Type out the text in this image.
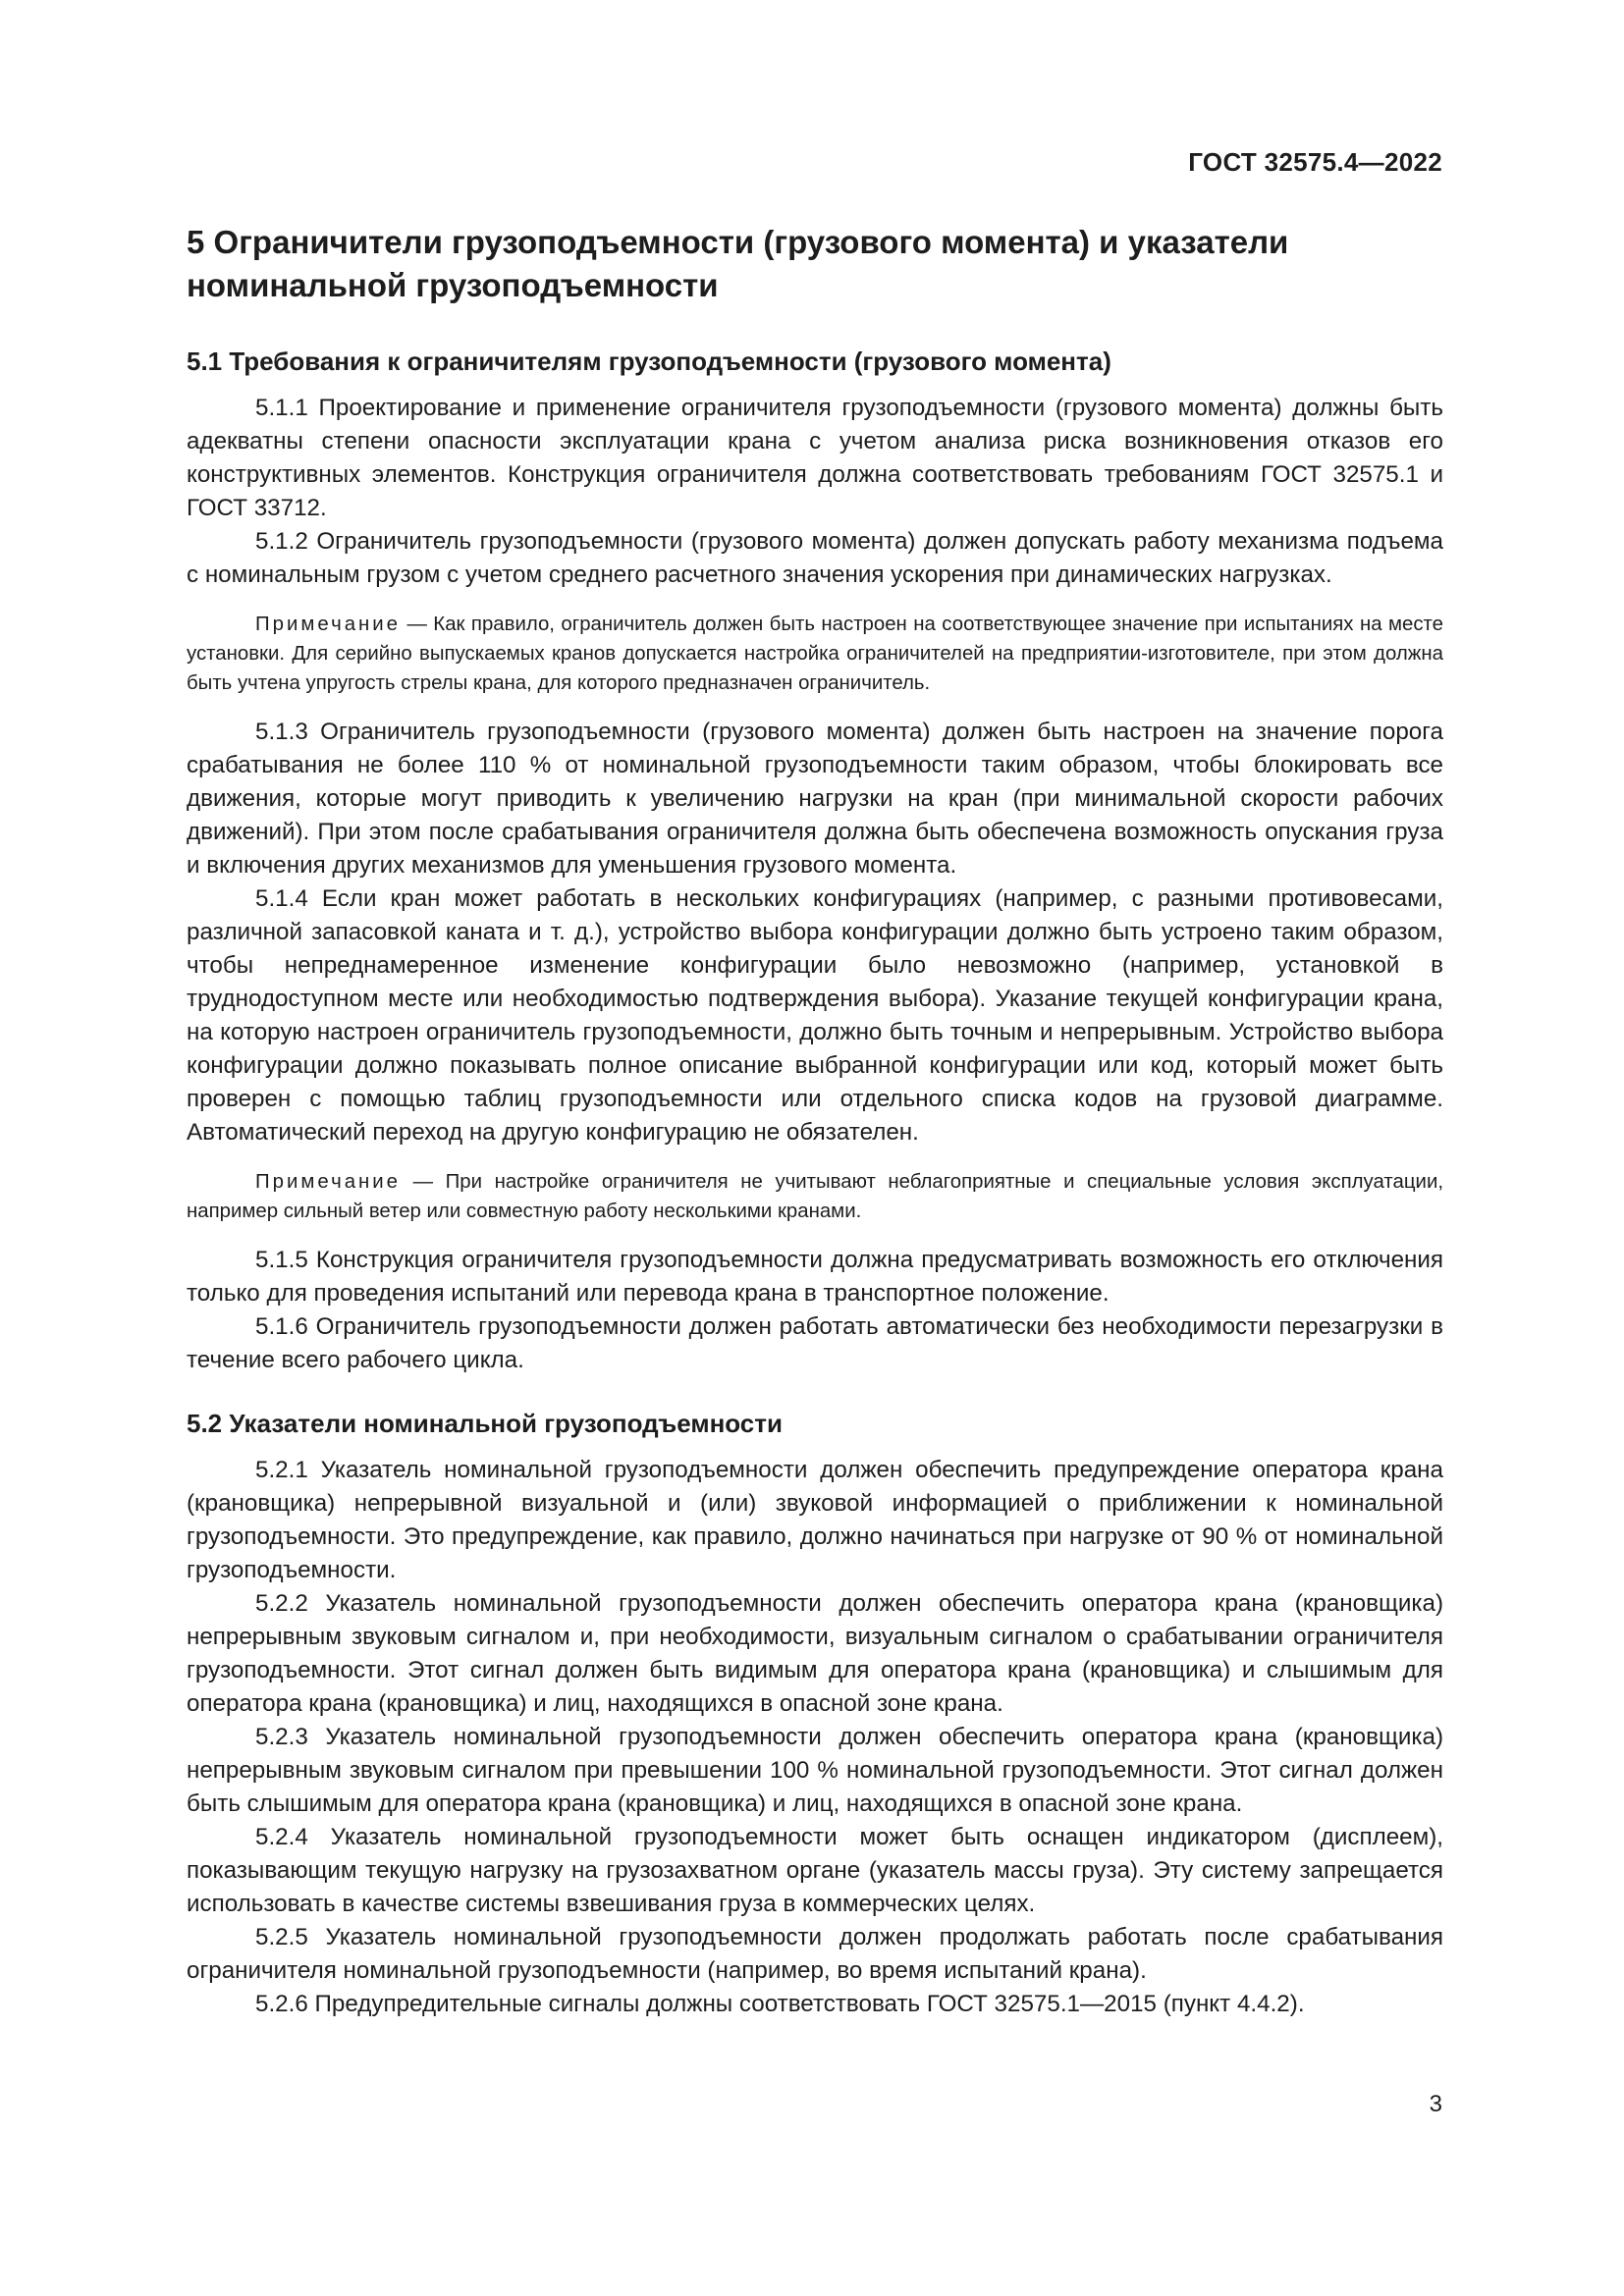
ГОСТ 32575.4—2022
5 Ограничители грузоподъемности (грузового момента) и указатели номинальной грузоподъемности
5.1 Требования к ограничителям грузоподъемности (грузового момента)

5.1.1 Проектирование и применение ограничителя грузоподъемности (грузового момента) должны быть адекватны степени опасности эксплуатации крана с учетом анализа риска возникновения отказов его конструктивных элементов. Конструкция ограничителя должна соответствовать требованиям ГОСТ 32575.1 и ГОСТ 33712.

5.1.2 Ограничитель грузоподъемности (грузового момента) должен допускать работу механизма подъема с номинальным грузом с учетом среднего расчетного значения ускорения при динамических нагрузках.

Примечание — Как правило, ограничитель должен быть настроен на соответствующее значение при испытаниях на месте установки. Для серийно выпускаемых кранов допускается настройка ограничителей на предприятии-изготовителе, при этом должна быть учтена упругость стрелы крана, для которого предназначен ограничитель.

5.1.3 Ограничитель грузоподъемности (грузового момента) должен быть настроен на значение порога срабатывания не более 110 % от номинальной грузоподъемности таким образом, чтобы блокировать все движения, которые могут приводить к увеличению нагрузки на кран (при минимальной скорости рабочих движений). При этом после срабатывания ограничителя должна быть обеспечена возможность опускания груза и включения других механизмов для уменьшения грузового момента.

5.1.4 Если кран может работать в нескольких конфигурациях (например, с разными противовесами, различной запасовкой каната и т. д.), устройство выбора конфигурации должно быть устроено таким образом, чтобы непреднамеренное изменение конфигурации было невозможно (например, установкой в труднодоступном месте или необходимостью подтверждения выбора). Указание текущей конфигурации крана, на которую настроен ограничитель грузоподъемности, должно быть точным и непрерывным. Устройство выбора конфигурации должно показывать полное описание выбранной конфигурации или код, который может быть проверен с помощью таблиц грузоподъемности или отдельного списка кодов на грузовой диаграмме. Автоматический переход на другую конфигурацию не обязателен.

Примечание — При настройке ограничителя не учитывают неблагоприятные и специальные условия эксплуатации, например сильный ветер или совместную работу несколькими кранами.

5.1.5 Конструкция ограничителя грузоподъемности должна предусматривать возможность его отключения только для проведения испытаний или перевода крана в транспортное положение.

5.1.6 Ограничитель грузоподъемности должен работать автоматически без необходимости перезагрузки в течение всего рабочего цикла.

5.2 Указатели номинальной грузоподъемности

5.2.1 Указатель номинальной грузоподъемности должен обеспечить предупреждение оператора крана (крановщика) непрерывной визуальной и (или) звуковой информацией о приближении к номинальной грузоподъемности. Это предупреждение, как правило, должно начинаться при нагрузке от 90 % от номинальной грузоподъемности.

5.2.2 Указатель номинальной грузоподъемности должен обеспечить оператора крана (крановщика) непрерывным звуковым сигналом и, при необходимости, визуальным сигналом о срабатывании ограничителя грузоподъемности. Этот сигнал должен быть видимым для оператора крана (крановщика) и слышимым для оператора крана (крановщика) и лиц, находящихся в опасной зоне крана.

5.2.3 Указатель номинальной грузоподъемности должен обеспечить оператора крана (крановщика) непрерывным звуковым сигналом при превышении 100 % номинальной грузоподъемности. Этот сигнал должен быть слышимым для оператора крана (крановщика) и лиц, находящихся в опасной зоне крана.

5.2.4 Указатель номинальной грузоподъемности может быть оснащен индикатором (дисплеем), показывающим текущую нагрузку на грузозахватном органе (указатель массы груза). Эту систему запрещается использовать в качестве системы взвешивания груза в коммерческих целях.

5.2.5 Указатель номинальной грузоподъемности должен продолжать работать после срабатывания ограничителя номинальной грузоподъемности (например, во время испытаний крана).

5.2.6 Предупредительные сигналы должны соответствовать ГОСТ 32575.1—2015 (пункт 4.4.2).

3
